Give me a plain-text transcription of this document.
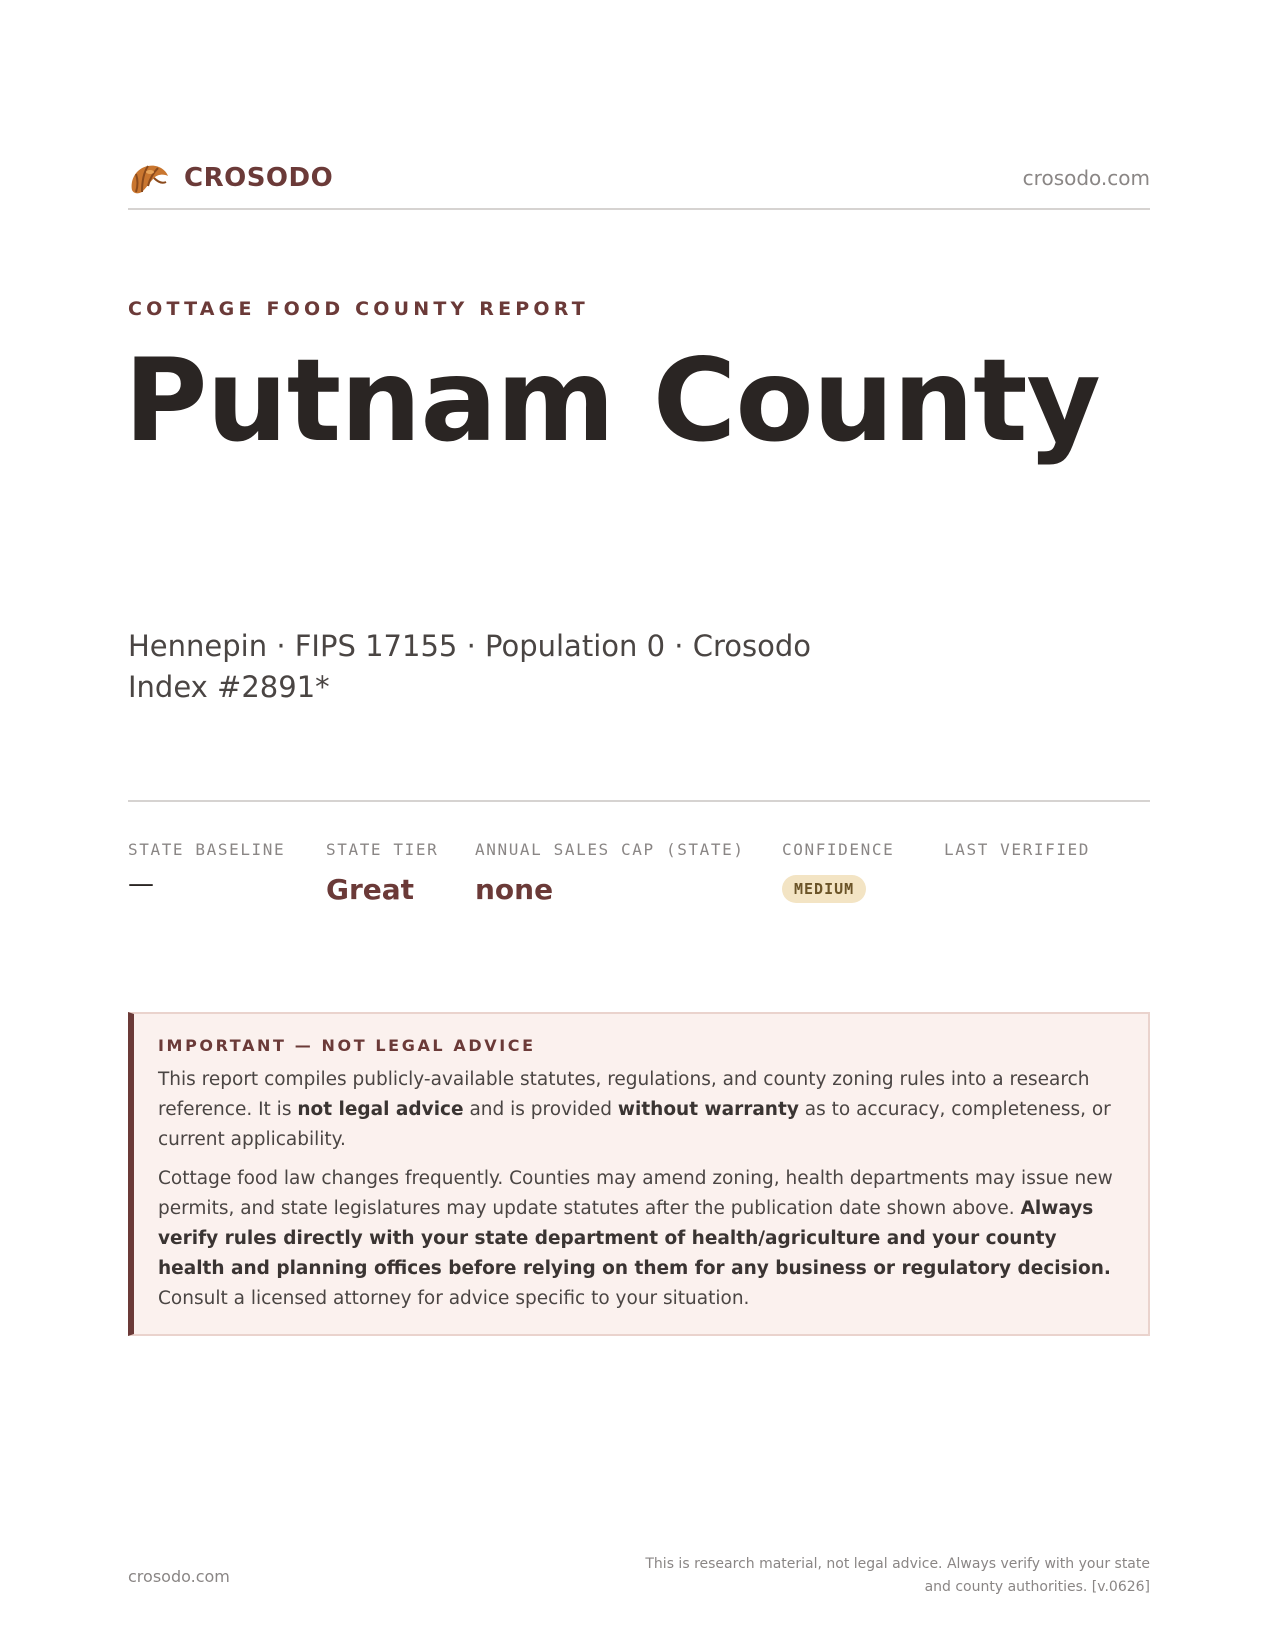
CROSODO	crosodo.com
COTTAGE FOOD COUNTY REPORT
Putnam County
Hennepin · FIPS 17155 · Population 0 · Crosodo Index #2891*
STATE BASELINE
—
STATE TIER
Great
ANNUAL SALES CAP (STATE)
none
CONFIDENCE
MEDIUM
LAST VERIFIED
IMPORTANT — NOT LEGAL ADVICE

This report compiles publicly-available statutes, regulations, and county zoning rules into a research reference. It is not legal advice and is provided without warranty as to accuracy, completeness, or current applicability.

Cottage food law changes frequently. Counties may amend zoning, health departments may issue new permits, and state legislatures may update statutes after the publication date shown above. Always verify rules directly with your state department of health/agriculture and your county health and planning offices before relying on them for any business or regulatory decision. Consult a licensed attorney for advice specific to your situation.

crosodo.com
This is research material, not legal advice. Always verify with your state
and county authorities. [v.0626]
